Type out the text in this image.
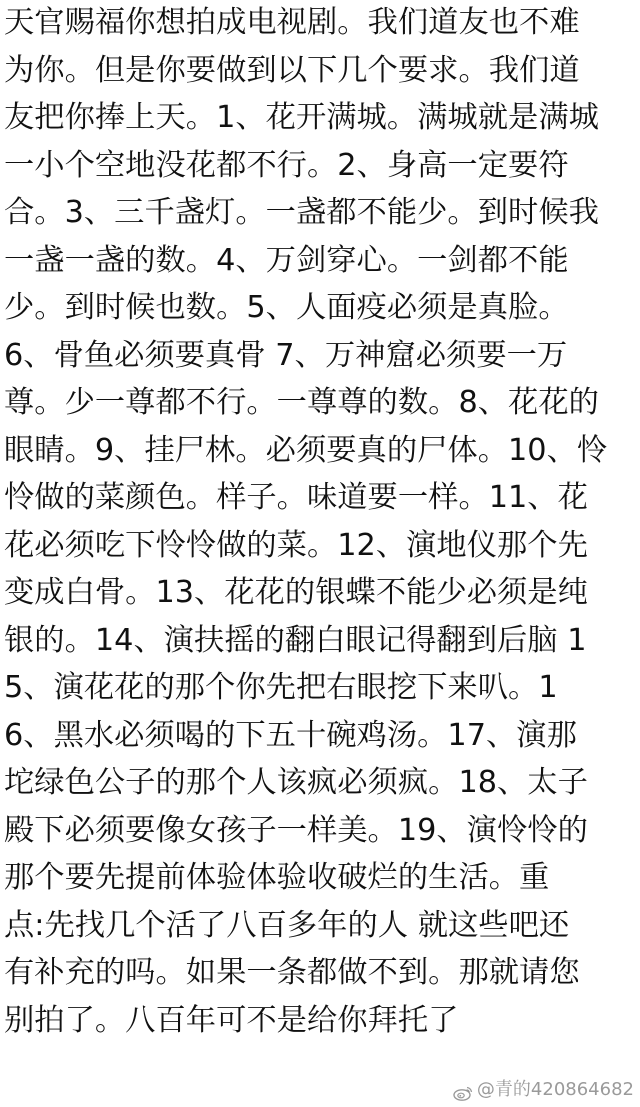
天官赐福你想拍成电视剧。我们道友也不难
为你。但是你要做到以下几个要求。我们道
友把你捧上天。1、花开满城。满城就是满城
一小个空地没花都不行。2、身高一定要符
合。3、三千盏灯。一盏都不能少。到时候我
一盏一盏的数。4、万剑穿心。一剑都不能
少。到时候也数。5、人面疫必须是真脸。
6、骨鱼必须要真骨 7、万神窟必须要一万
尊。少一尊都不行。一尊尊的数。8、花花的
眼睛。9、挂尸林。必须要真的尸体。10、怜
怜做的菜颜色。样子。味道要一样。11、花
花必须吃下怜怜做的菜。12、演地仪那个先
变成白骨。13、花花的银蝶不能少必须是纯
银的。14、演扶摇的翻白眼记得翻到后脑 1
5、演花花的那个你先把右眼挖下来叭。1
6、黑水必须喝的下五十碗鸡汤。17、演那
坨绿色公子的那个人该疯必须疯。18、太子
殿下必须要像女孩子一样美。19、演怜怜的
那个要先提前体验体验收破烂的生活。重
点:先找几个活了八百多年的人 就这些吧还
有补充的吗。如果一条都做不到。那就请您
别拍了。八百年可不是给你拜托了
@青的420864682
